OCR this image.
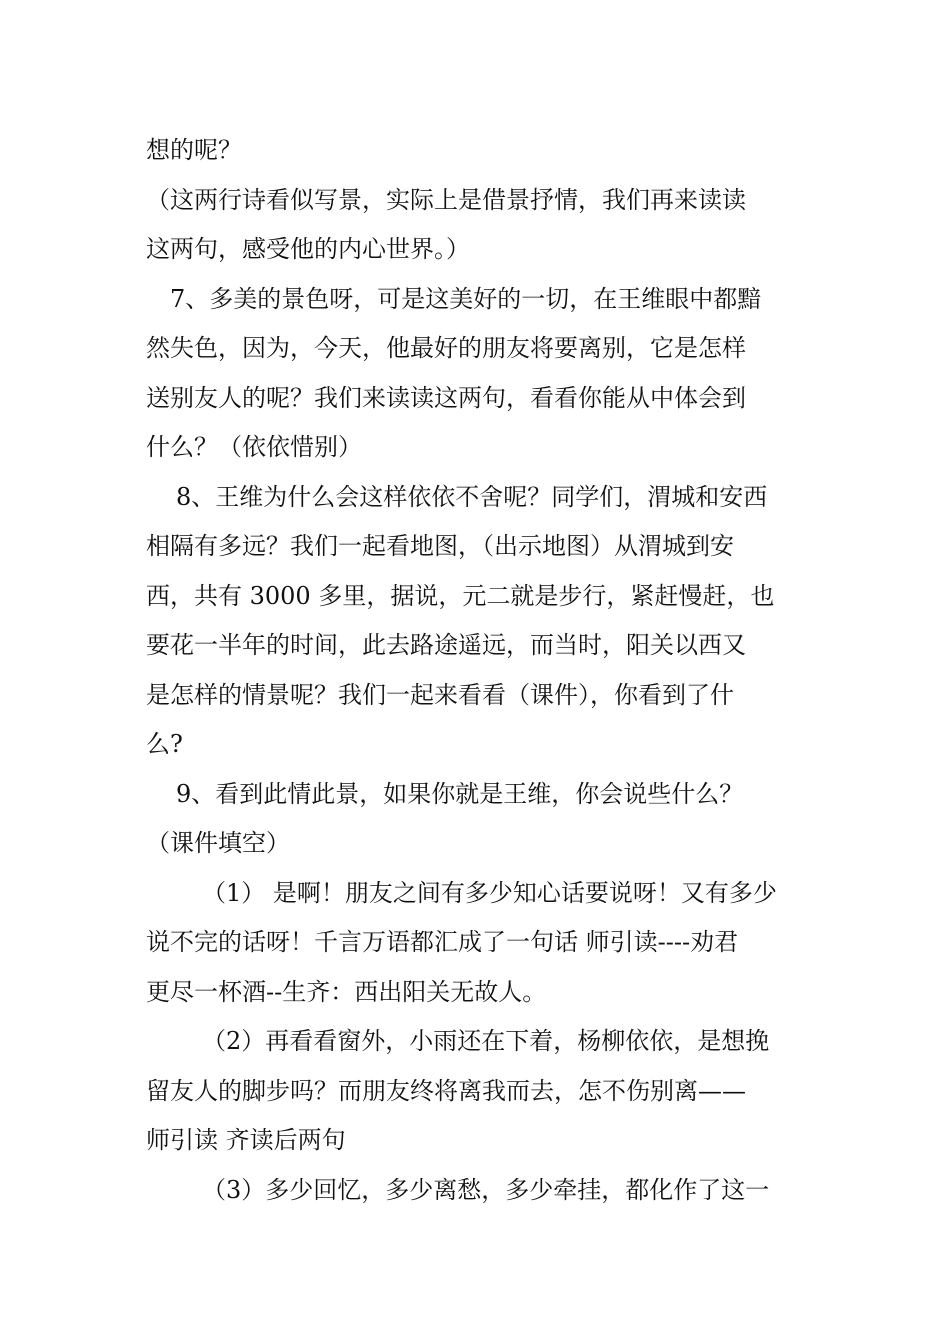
想的呢？
（这两行诗看似写景，实际上是借景抒情，我们再来读读
这两句，感受他的内心世界。）
7、多美的景色呀，可是这美好的一切，在王维眼中都黯
然失色，因为，今天，他最好的朋友将要离别，它是怎样
送别友人的呢？我们来读读这两句，看看你能从中体会到
什么？（依依惜别）
8、王维为什么会这样依依不舍呢？同学们，渭城和安西
相隔有多远？我们一起看地图，（出示地图）从渭城到安
西，共有 3000 多里，据说，元二就是步行，紧赶慢赶，也
要花一半年的时间，此去路途遥远，而当时，阳关以西又
是怎样的情景呢？我们一起来看看（课件），你看到了什
么?
9、看到此情此景，如果你就是王维，你会说些什么？
（课件填空）
（1） 是啊！朋友之间有多少知心话要说呀！又有多少
说不完的话呀！千言万语都汇成了一句话 师引读----劝君
更尽一杯酒--生齐：西出阳关无故人。
（2）再看看窗外，小雨还在下着，杨柳依依，是想挽
留友人的脚步吗？而朋友终将离我而去，怎不伤别离——
师引读 齐读后两句
（3）多少回忆，多少离愁，多少牵挂，都化作了这一
